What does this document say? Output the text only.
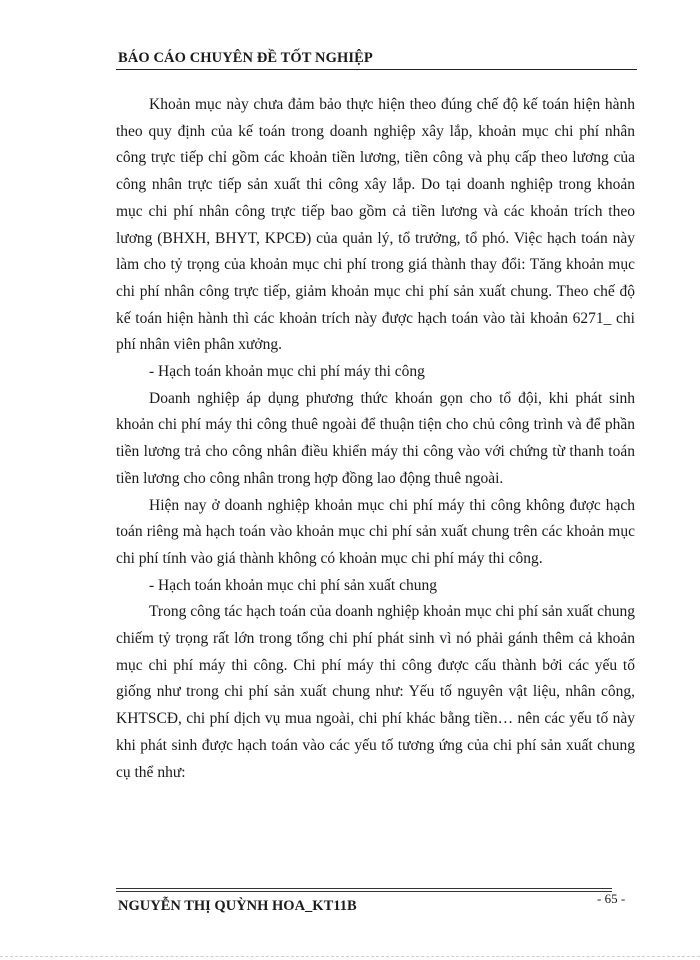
BÁO CÁO CHUYÊN ĐỀ TỐT NGHIỆP

Khoản mục này chưa đảm bảo thực hiện theo đúng chế độ kế toán hiện hành theo quy định của kế toán trong doanh nghiệp xây lắp, khoản mục chi phí nhân công trực tiếp chỉ gồm các khoản tiền lương, tiền công và phụ cấp theo lương của công nhân trực tiếp sản xuất thi công xây lắp. Do tại doanh nghiệp trong khoản mục chi phí nhân công trực tiếp bao gồm cả tiền lương và các khoản trích theo lương (BHXH, BHYT, KPCĐ) của quản lý, tổ trưởng, tổ phó. Việc hạch toán này làm cho tỷ trọng của khoản mục chi phí trong giá thành thay đổi: Tăng khoản mục chi phí nhân công trực tiếp, giảm khoản mục chi phí sản xuất chung. Theo chế độ kế toán hiện hành thì các khoản trích này được hạch toán vào tài khoản 6271_ chi phí nhân viên phân xưởng.

- Hạch toán khoản mục chi phí máy thi công

Doanh nghiệp áp dụng phương thức khoán gọn cho tổ đội, khi phát sinh khoản chi phí máy thi công thuê ngoài để thuận tiện cho chủ công trình và để phần tiền lương trả cho công nhân điều khiển máy thi công vào với chứng từ thanh toán tiền lương cho công nhân trong hợp đồng lao động thuê ngoài.

Hiện nay ở doanh nghiệp khoản mục chi phí máy thi công không được hạch toán riêng mà hạch toán vào khoản mục chi phí sản xuất chung trên các khoản mục chi phí tính vào giá thành không có khoản mục chi phí máy thi công.

- Hạch toán khoản mục chi phí sản xuất chung

Trong công tác hạch toán của doanh nghiệp khoản mục chi phí sản xuất chung chiếm tỷ trọng rất lớn trong tổng chi phí phát sinh vì nó phải gánh thêm cả khoản mục chi phí máy thi công. Chi phí máy thi công được cấu thành bởi các yếu tố giống như trong chi phí sản xuất chung như: Yếu tố nguyên vật liệu, nhân công, KHTSCĐ, chi phí dịch vụ mua ngoài, chi phí khác bằng tiền… nên các yếu tố này khi phát sinh được hạch toán vào các yếu tố tương ứng của chi phí sản xuất chung cụ thể như:

NGUYỄN THỊ QUỲNH HOA_KT11B	- 65 -
